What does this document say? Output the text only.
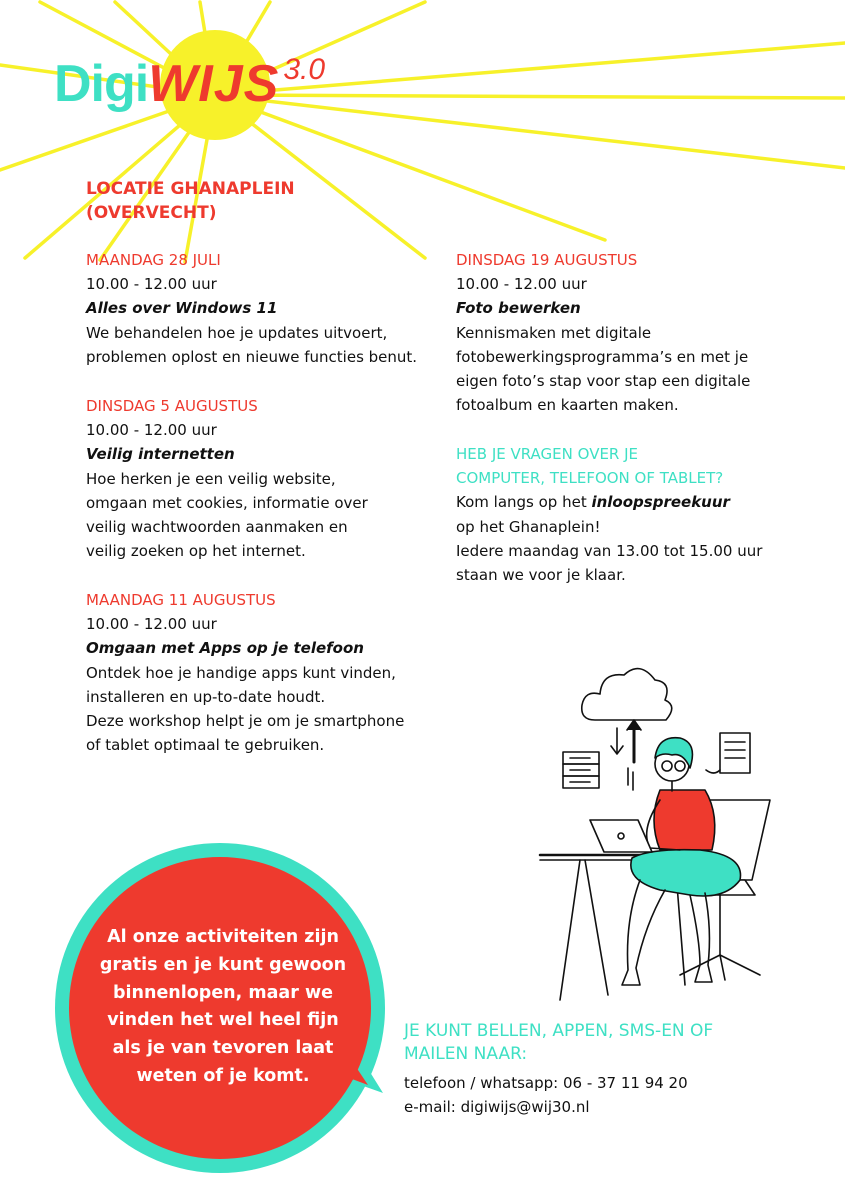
DigiWIJS $^{3.0}$
LOCATIE GHANAPLEIN (OVERVECHT)
MAANDAG 28 JULI
10.00 - 12.00 uur
Alles over Windows 11
We behandelen hoe je updates uitvoert,
problemen oplost en nieuwe functies benut.
DINSDAG 5 AUGUSTUS
10.00 - 12.00 uur
Veilig internetten
Hoe herken je een veilig website,
omgaan met cookies, informatie over
veilig wachtwoorden aanmaken en
veilig zoeken op het internet.
MAANDAG 11 AUGUSTUS
10.00 - 12.00 uur
Omgaan met Apps op je telefoon
Ontdek hoe je handige apps kunt vinden,
installeren en up-to-date houdt.
Deze workshop helpt je om je smartphone
of tablet optimaal te gebruiken.
DINSDAG 19 AUGUSTUS
10.00 - 12.00 uur
Foto bewerken
Kennismaken met digitale
fotobewerkingsprogramma’s en met je
eigen foto’s stap voor stap een digitale
fotoalbum en kaarten maken.
HEB JE VRAGEN OVER JE
COMPUTER, TELEFOON OF TABLET?
Kom langs op het inloopspreekuur
op het Ghanaplein!
Iedere maandag van 13.00 tot 15.00 uur
staan we voor je klaar.
Al onze activiteiten zijn
gratis en je kunt gewoon
binnenlopen, maar we
vinden het wel heel fijn
als je van tevoren laat
weten of je komt.
JE KUNT BELLEN, APPEN, SMS-EN OF MAILEN NAAR:
telefoon / whatsapp: 06 - 37 11 94 20
e-mail: digiwijs@wij30.nl
